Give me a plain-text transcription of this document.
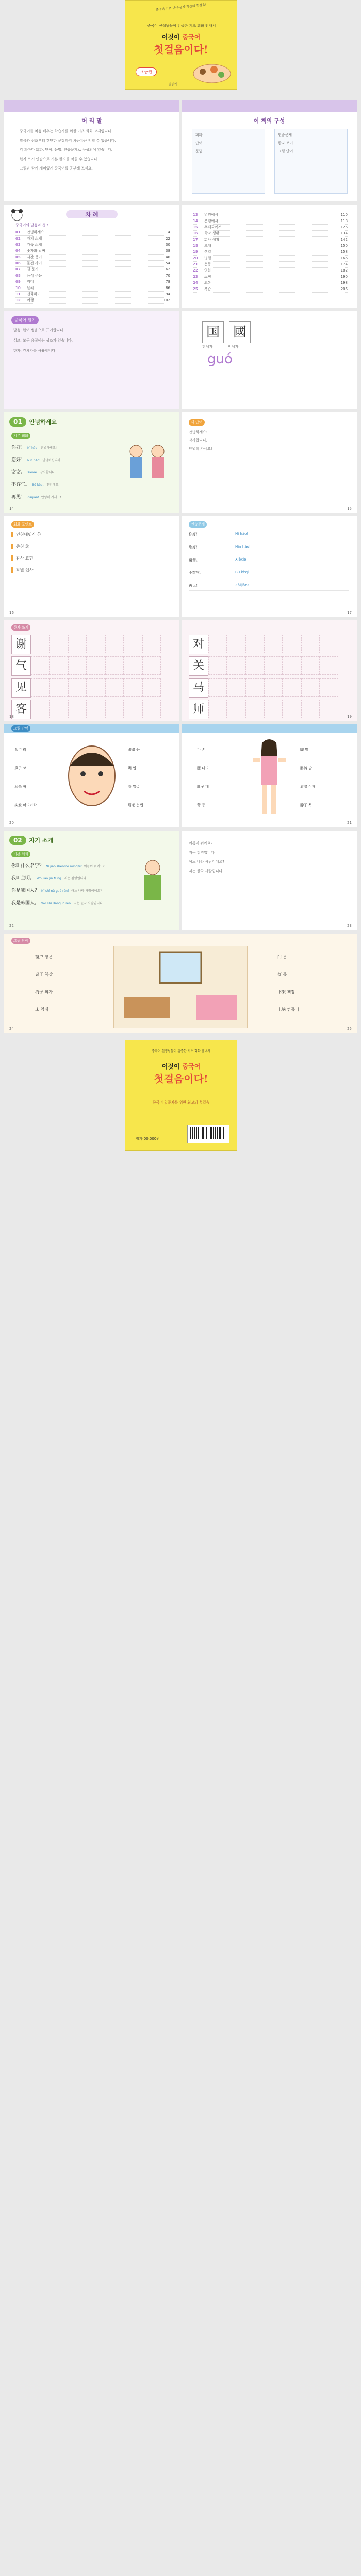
중국어 선생님들이 검증한 기초 회화 안내서
중국어 기초 단어·문장 학습의 첫걸음!
이것이 중국어
첫걸음이다!
초급편
출판사
머 리 말
중국어를 처음 배우는 학습자를 위한 기초 회화 교재입니다.
발음과 성조부터 간단한 문장까지 차근차근 익힐 수 있습니다.
각 과마다 회화, 단어, 문법, 연습문제로 구성되어 있습니다.
한자 쓰기 연습으로 기본 한자를 익힐 수 있습니다.
그림과 함께 재미있게 중국어를 공부해 보세요.
이 책의 구성
회화
단어
문법
연습문제
한자 쓰기
그림 단어
차 례
중국어의 발음과 성조
01	안녕하세요	14
02	자기 소개	22
03	가족 소개	30
04	숫자와 날짜	38
05	시간 묻기	46
06	물건 사기	54
07	길 묻기	62
08	음식 주문	70
09	취미	78
10	날씨	86
11	전화하기	94
12	여행	102
13	병원에서	110
14	은행에서	118
15	우체국에서	126
16	학교 생활	134
17	회사 생활	142
18	초대	150
19	생일	158
20	명절	166
21	운동	174
22	영화	182
23	쇼핑	190
24	교통	198
25	복습	206
중국어 알기
발음: 한어 병음으로 표기합니다.
성조: 모든 음절에는 성조가 있습니다.
한자: 간체자를 사용합니다.
国 國
간체자	번체자
guó
01	안녕하세요
기본 회화
你好！ Nǐ hǎo! 안녕하세요!
您好！ Nín hǎo! 안녕하십니까!
谢谢。 Xièxie. 감사합니다.
不客气。 Bú kèqi. 천만에요.
再见！ Zàijiàn! 안녕히 가세요!
14
새 단어
안녕하세요!
감사합니다.
안녕히 가세요!
15
회화 포인트
인칭대명사 你
존칭 您
감사 표현
작별 인사
16
연습문제
你好！	Nǐ hǎo!
您好！	Nín hǎo!
谢谢。	Xièxie.
不客气。	Bú kèqi.
再见！	Zàijiàn!
17
한자 쓰기
谢
气
见
客
18
对
关
马
师
19
그림 단어
头 머리	眼睛 눈
鼻子 코	嘴 입
耳朵 귀	脸 얼굴
头发 머리카락	眉毛 눈썹
20
手 손	脚 발
腿 다리	胳膊 팔
肚子 배	肩膀 어깨
背 등	脖子 목
21
02	자기 소개
기본 회화
你叫什么名字？ Nǐ jiào shénme míngzi? 이름이 뭐예요?
我叫金明。 Wǒ jiào Jīn Míng. 저는 김명입니다.
你是哪国人？ Nǐ shì nǎ guó rén? 어느 나라 사람이에요?
我是韩国人。 Wǒ shì Hánguó rén. 저는 한국 사람입니다.
22
이름이 뭐예요?
저는 김명입니다.
어느 나라 사람이에요?
저는 한국 사람입니다.
23
그림 단어
窗户 창문
桌子 책상
椅子 의자
床 침대
门 문
灯 등
书架 책장
电脑 컴퓨터
24	25
중국어 선생님들이 검증한 기초 회화 안내서
이것이 중국어
첫걸음이다!
중국어 입문자를 위한 최고의 첫걸음
정가 00,000원
